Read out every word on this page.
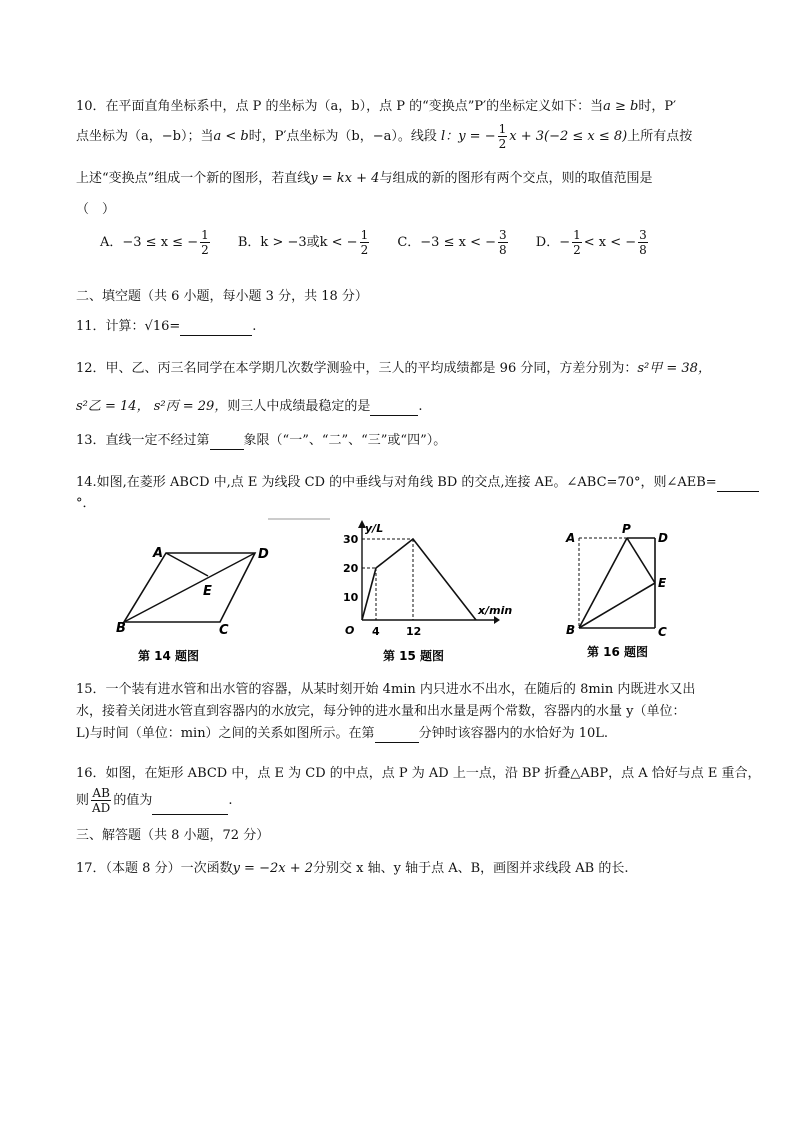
10．在平面直角坐标系中，点 P 的坐标为（a，b），点 P 的“变换点”P′的坐标定义如下：当a ≥ b时，P′
点坐标为（a，−b）；当a < b时，P′点坐标为（b，−a）。线段 l：y = − $\frac{1}{2}$ x + 3(−2 ≤ x ≤ 8)上所有点按
上述“变换点”组成一个新的图形，若直线y = kx + 4与组成的新的图形有两个交点，则的取值范围是
（　）
A．−3 ≤ x ≤ − $\frac{1}{2}$ B．k > −3或k < − $\frac{1}{2}$ C．−3 ≤ x < − $\frac{3}{8}$ D．− $\frac{1}{2} < x$ < − $\frac{3}{8}$
二、填空题（共 6 小题，每小题 3 分，共 18 分）
11．计算：√16=	.
12．甲、乙、丙三名同学在本学期几次数学测验中，三人的平均成绩都是 96 分同，方差分别为：s²甲 = 38，
s²乙 = 14， s²丙 = 29，则三人中成绩最稳定的是	.
13．直线一定不经过第	象限（“一”、“二”、“三”或“四”）。
14.如图,在菱形 ABCD 中,点 E 为线段 CD 的中垂线与对角线 BD 的交点,连接 AE。∠ABC=70°，则∠AEB=
°．
A	D
E
B	C
第 14 题图
y/L
x/min
30
20
10
O 4 12
第 15 题图
A
P
D
E
B	C
第 16 题图
15．一个装有进水管和出水管的容器，从某时刻开始 4min 内只进水不出水，在随后的 8min 内既进水又出
水，接着关闭进水管直到容器内的水放完，每分钟的进水量和出水量是两个常数，容器内的水量 y（单位：
L)与时间（单位：min）之间的关系如图所示。在第	分钟时该容器内的水恰好为 10L.
16．如图，在矩形 ABCD 中，点 E 为 CD 的中点，点 P 为 AD 上一点，沿 BP 折叠△ABP，点 A 恰好与点 E 重合，
则 $\frac{AB}{AD}$ 的值为	.
三、解答题（共 8 小题，72 分）
17．（本题 8 分）一次函数y = −2x + 2分别交 x 轴、y 轴于点 A、B，画图并求线段 AB 的长.
